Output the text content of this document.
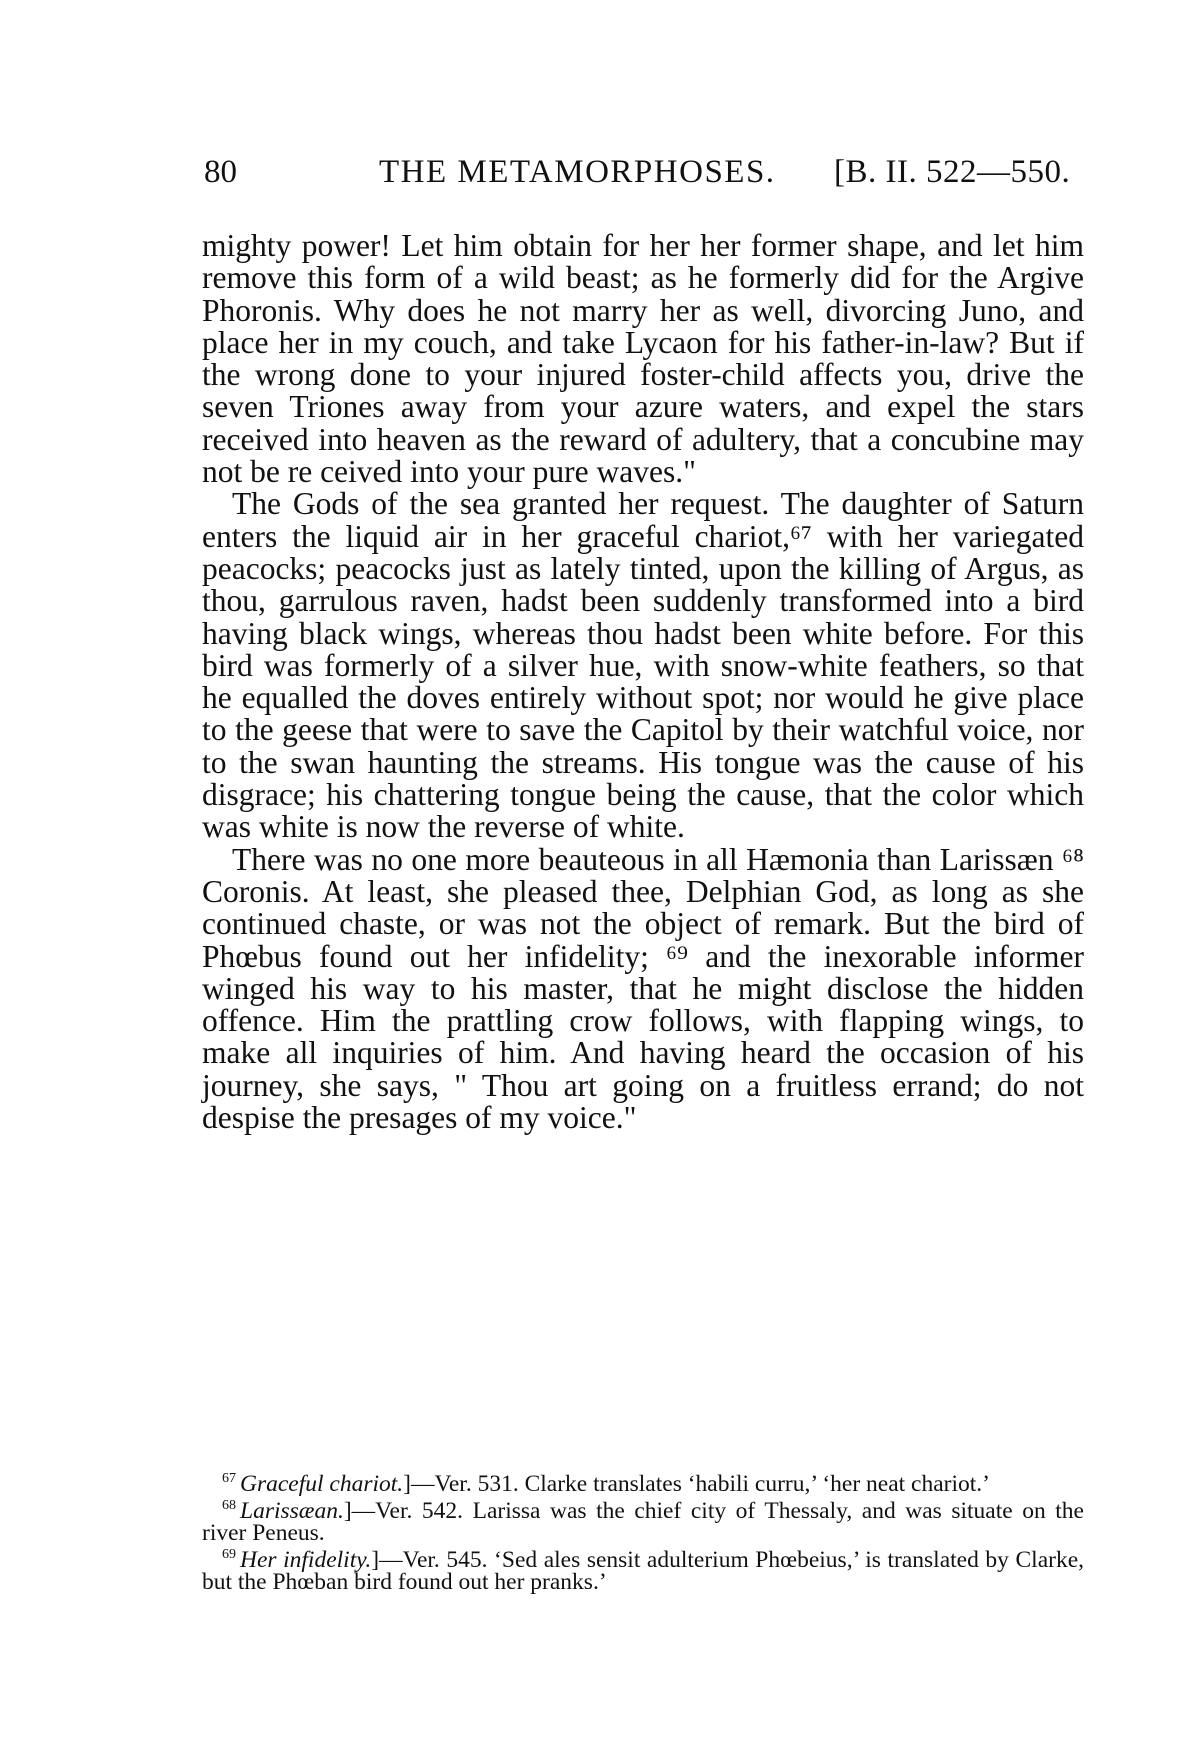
80	THE METAMORPHOSES. [B. II. 522—550.

mighty power! Let him obtain for her her former shape, and let him remove this form of a wild beast; as he formerly did for the Argive Phoronis. Why does he not marry her as well, divorcing Juno, and place her in my couch, and take Lycaon for his father-in-law? But if the wrong done to your injured foster-child affects you, drive the seven Triones away from your azure waters, and expel the stars received into heaven as the reward of adultery, that a concubine may not be re ceived into your pure waves."

The Gods of the sea granted her request. The daughter of Saturn enters the liquid air in her graceful chariot,⁶⁷ with her variegated peacocks; peacocks just as lately tinted, upon the killing of Argus, as thou, garrulous raven, hadst been suddenly transformed into a bird having black wings, whereas thou hadst been white before. For this bird was formerly of a silver hue, with snow-white feathers, so that he equalled the doves entirely without spot; nor would he give place to the geese that were to save the Capitol by their watchful voice, nor to the swan haunting the streams. His tongue was the cause of his disgrace; his chattering tongue being the cause, that the color which was white is now the reverse of white.

There was no one more beauteous in all Hæmonia than Larissæn ⁶⁸ Coronis. At least, she pleased thee, Delphian God, as long as she continued chaste, or was not the object of remark. But the bird of Phœbus found out her infidelity; ⁶⁹ and the inexorable informer winged his way to his master, that he might disclose the hidden offence. Him the prattling crow follows, with flapping wings, to make all inquiries of him. And having heard the occasion of his journey, she says, " Thou art going on a fruitless errand; do not despise the presages of my voice."

$^{67}$ Graceful chariot.]—Ver. 531. Clarke translates ‘habili curru,’ ‘her neat chariot.’

$^{68}$ Larissæan.]—Ver. 542. Larissa was the chief city of Thessaly, and was situate on the river Peneus.

$^{69}$ Her infidelity.]—Ver. 545. ‘Sed ales sensit adulterium Phœbeius,’ is translated by Clarke, but the Phœban bird found out her pranks.’
